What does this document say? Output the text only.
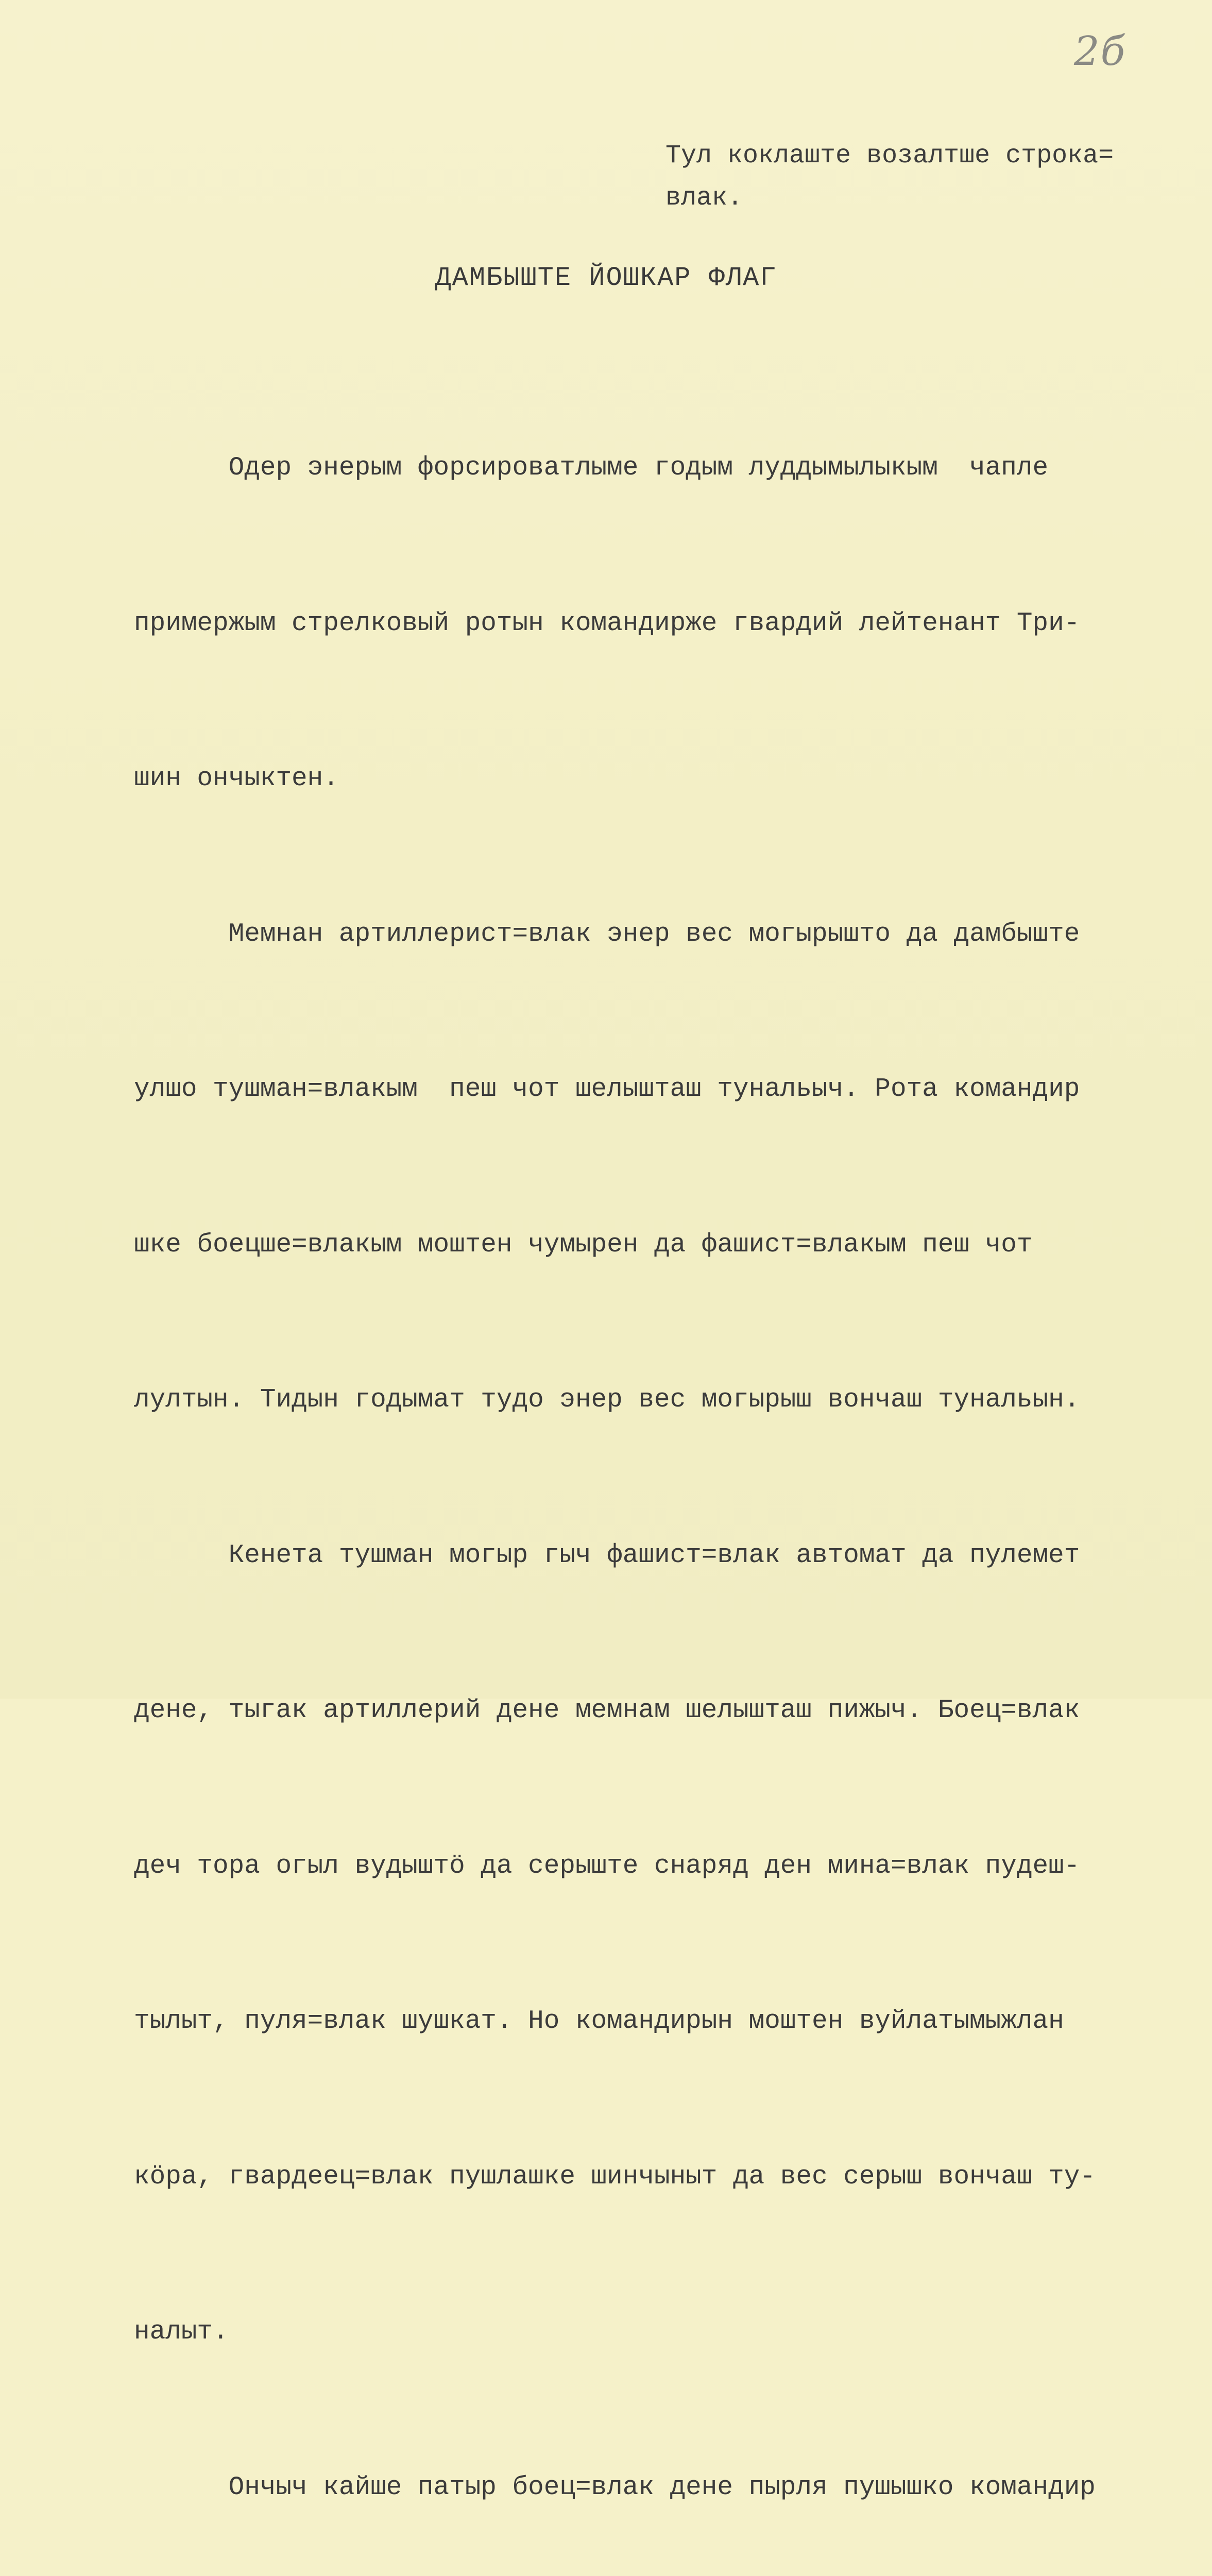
2б
Тул коклаште возалтше строка=
влак.
ДАМБЫШТЕ ЙОШКАР ФЛАГ

Одер энерым форсироватлыме годым луддымылыкым  чапле

примержым стрелковый ротын командирже гвардий лейтенант Три-

шин ончыктен.

Мемнан артиллерист=влак энер вес могырышто да дамбыште

улшо тушман=влакым  пеш чот шелышташ тунальыч. Рота командир

шке боецше=влакым моштен чумырен да фашист=влакым пеш чот

лултын. Тидын годымат тудо энер вес могырыш вончаш тунальын.

Кенета тушман могыр гыч фашист=влак автомат да пулемет

дене, тыгак артиллерий дене мемнам шелышташ пижыч. Боец=влак

деч тора огыл вудыштö да серыште снаряд ден мина=влак пудеш-

тылыт, пуля=влак шушкат. Но командирын моштен вуйлатымыжлан

кöра, гвардеец=влак пушлашке шинчыныт да вес серыш вончаш ту-

налыт.

Ончыч кайше патыр боец=влак дене пырля пушышко командир
